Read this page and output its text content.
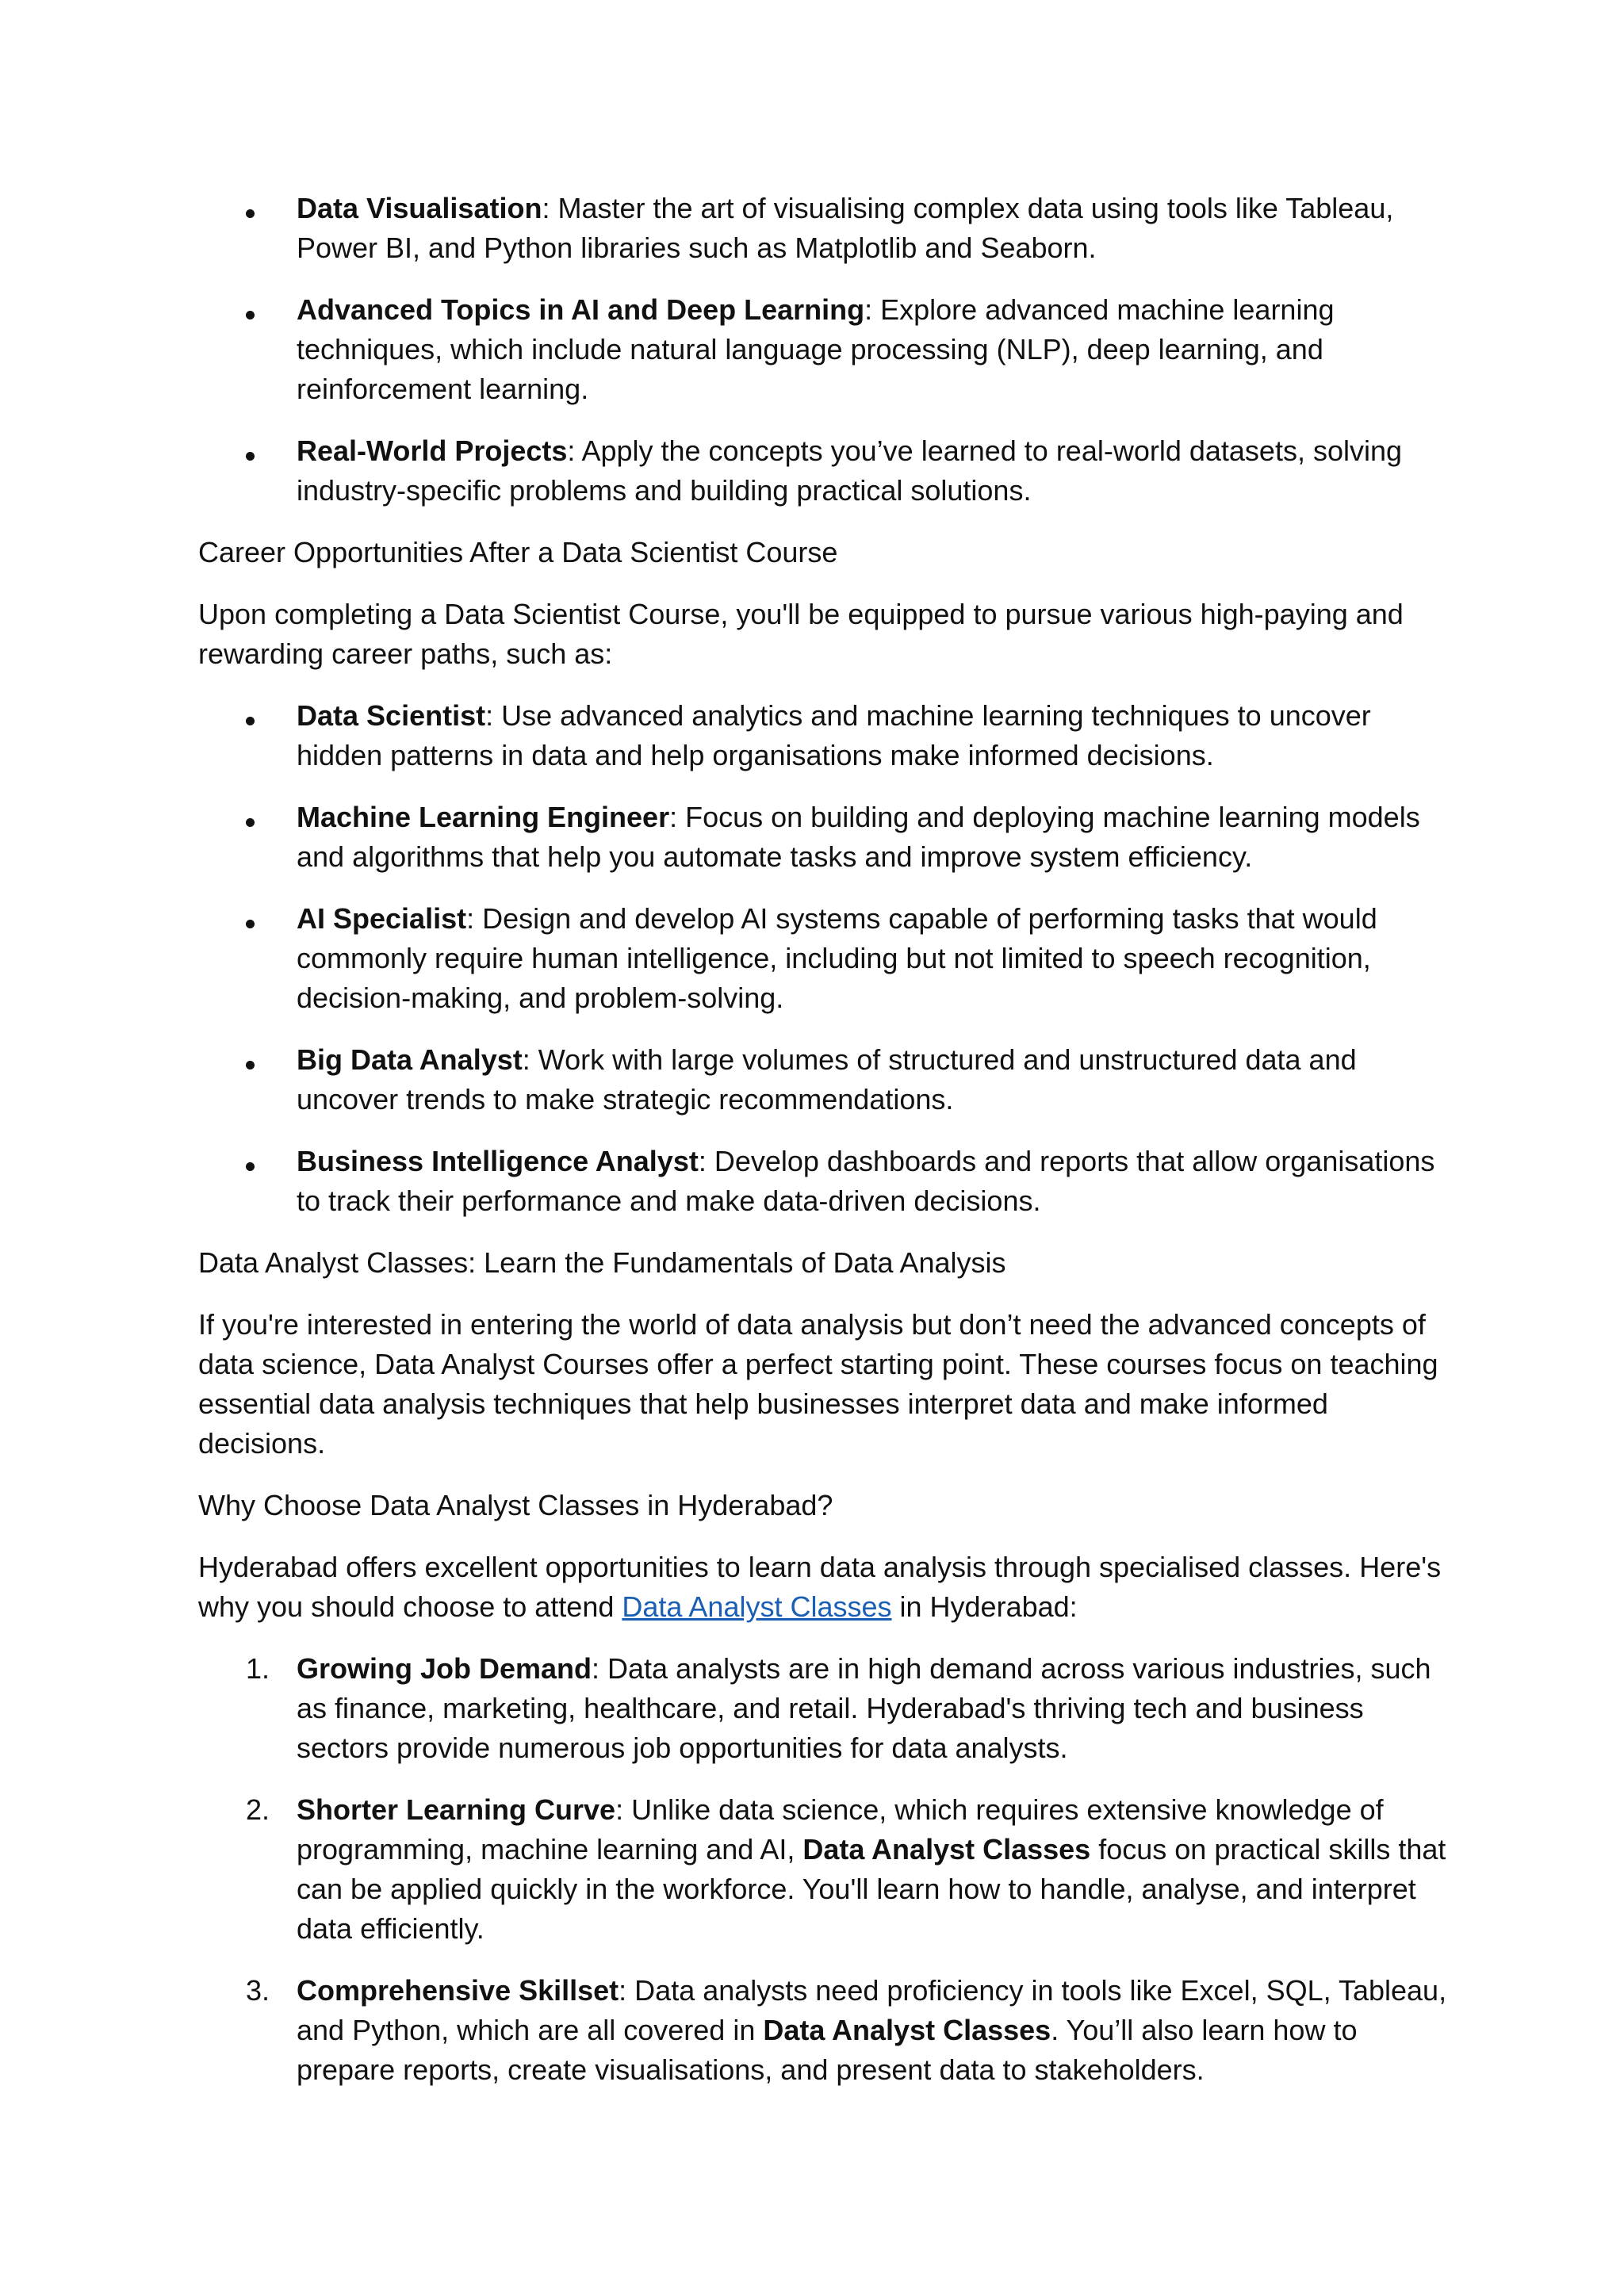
Data Visualisation: Master the art of visualising complex data using tools like Tableau, Power BI, and Python libraries such as Matplotlib and Seaborn.
Advanced Topics in AI and Deep Learning: Explore advanced machine learning techniques, which include natural language processing (NLP), deep learning, and reinforcement learning.
Real-World Projects: Apply the concepts you’ve learned to real-world datasets, solving industry-specific problems and building practical solutions.

Career Opportunities After a Data Scientist Course

Upon completing a Data Scientist Course, you'll be equipped to pursue various high-paying and rewarding career paths, such as:

Data Scientist: Use advanced analytics and machine learning techniques to uncover hidden patterns in data and help organisations make informed decisions.
Machine Learning Engineer: Focus on building and deploying machine learning models and algorithms that help you automate tasks and improve system efficiency.
AI Specialist: Design and develop AI systems capable of performing tasks that would commonly require human intelligence, including but not limited to speech recognition, decision-making, and problem-solving.
Big Data Analyst: Work with large volumes of structured and unstructured data and uncover trends to make strategic recommendations.
Business Intelligence Analyst: Develop dashboards and reports that allow organisations to track their performance and make data-driven decisions.

Data Analyst Classes: Learn the Fundamentals of Data Analysis

If you're interested in entering the world of data analysis but don’t need the advanced concepts of data science, Data Analyst Courses offer a perfect starting point. These courses focus on teaching essential data analysis techniques that help businesses interpret data and make informed decisions.

Why Choose Data Analyst Classes in Hyderabad?

Hyderabad offers excellent opportunities to learn data analysis through specialised classes. Here's why you should choose to attend Data Analyst Classes in Hyderabad:

1. Growing Job Demand: Data analysts are in high demand across various industries, such as finance, marketing, healthcare, and retail. Hyderabad's thriving tech and business sectors provide numerous job opportunities for data analysts.
2. Shorter Learning Curve: Unlike data science, which requires extensive knowledge of programming, machine learning and AI, Data Analyst Classes focus on practical skills that can be applied quickly in the workforce. You'll learn how to handle, analyse, and interpret data efficiently.
3. Comprehensive Skillset: Data analysts need proficiency in tools like Excel, SQL, Tableau, and Python, which are all covered in Data Analyst Classes. You’ll also learn how to prepare reports, create visualisations, and present data to stakeholders.
